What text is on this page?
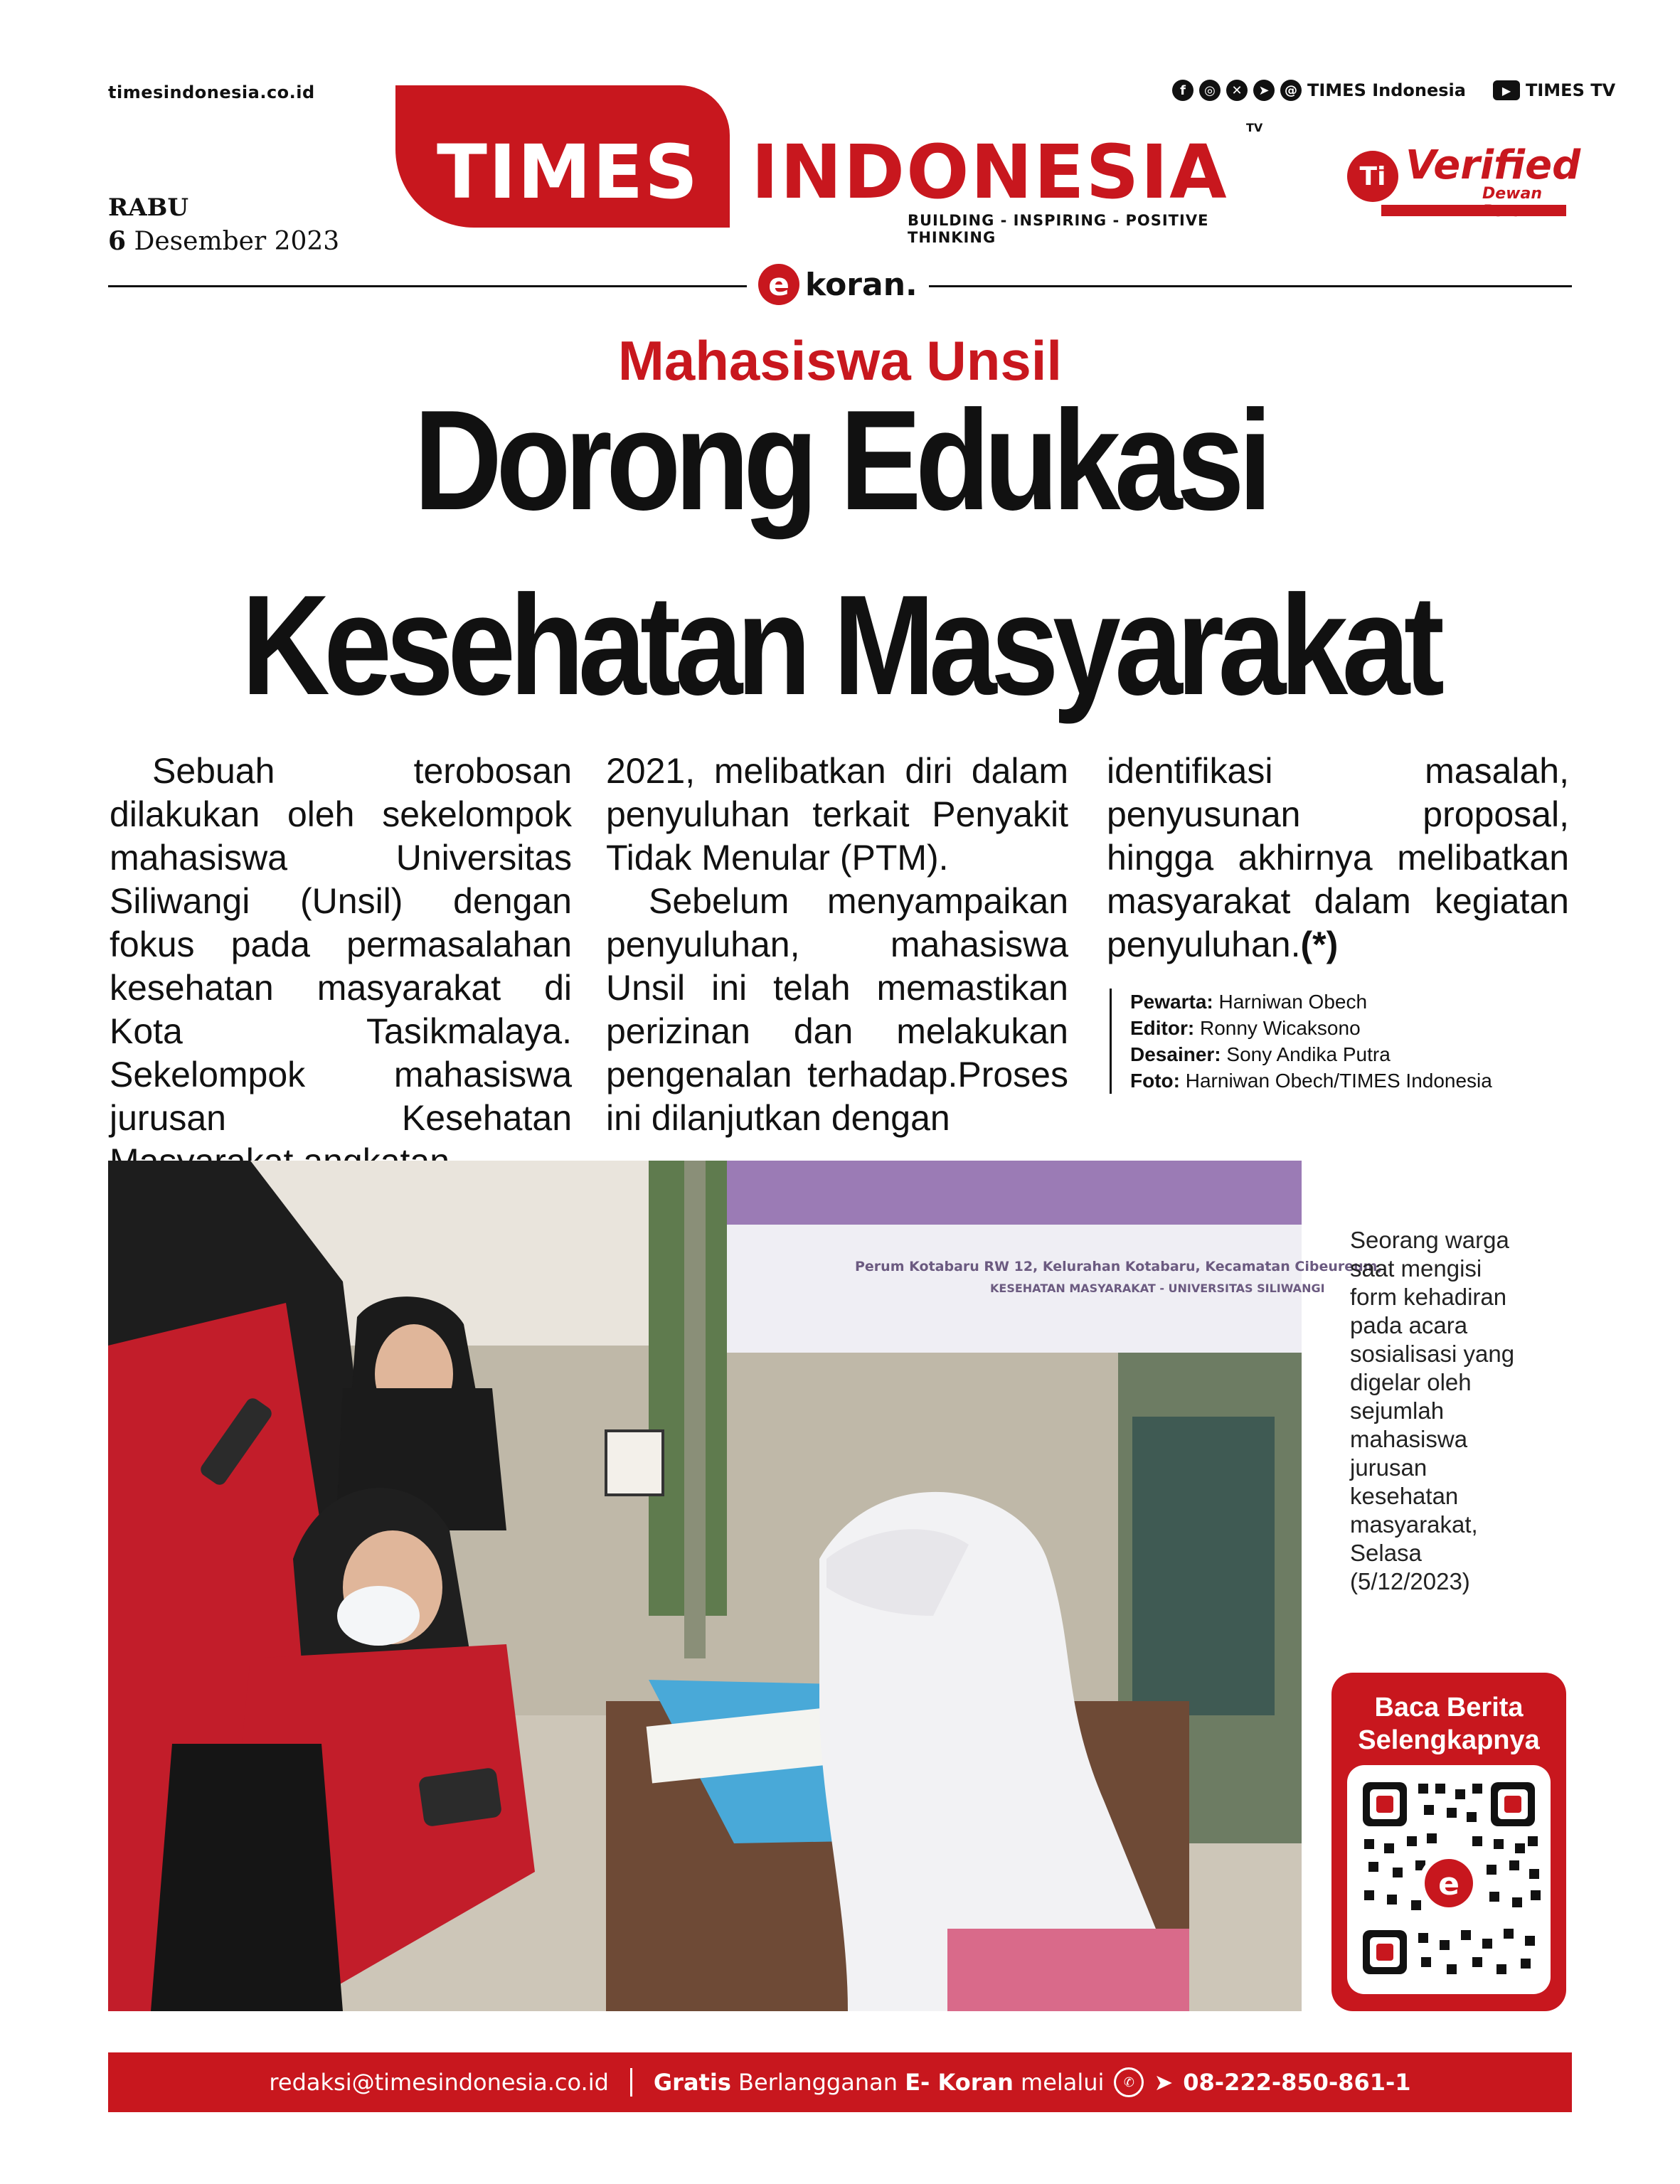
timesindonesia.co.id
RABU
6 Desember 2023
TIMES INDONESIA
TV
BUILDING - INSPIRING - POSITIVE THINKING
f	◎	✕	➤	@ TIMES Indonesia	▶ TIMES TV
Ti Verified
Dewan
e koran.
Mahasiswa Unsil
Dorong Edukasi
Kesehatan Masyarakat

Sebuah terobosan dilakukan oleh sekelompok mahasiswa Universitas Siliwangi (Unsil) dengan fokus pada permasalahan kesehatan masyarakat di Kota Tasikmalaya. Sekelompok mahasiswa jurusan Kesehatan

2021, melibatkan diri dalam penyuluhan terkait Penyakit Tidak Menular (PTM).

Sebelum menyampaikan penyuluhan, mahasiswa Unsil ini telah memastikan perizinan dan melakukan pengenalan terhadap.Proses ini dilanjutkan dengan

identifikasi masalah, penyusunan proposal, hingga akhirnya melibatkan masyarakat dalam kegiatan penyuluhan.(*)

Pewarta: Harniwan Obech
Editor: Ronny Wicaksono
Desainer: Sony Andika Putra
Foto: Harniwan Obech/TIMES Indonesia
Perum Kotabaru RW 12, Kelurahan Kotabaru, Kecamatan Cibeureum,
KESEHATAN MASYARAKAT - UNIVERSITAS SILIWANGI
Seorang warga saat mengisi form kehadiran pada acara sosialisasi yang digelar oleh sejumlah mahasiswa jurusan kesehatan masyarakat, Selasa (5/12/2023)
Baca Berita
Selengkapnya
e
redaksi@timesindonesia.co.id Gratis Berlangganan E- Koran melalui	✆ ➤ 08-222-850-861-1
